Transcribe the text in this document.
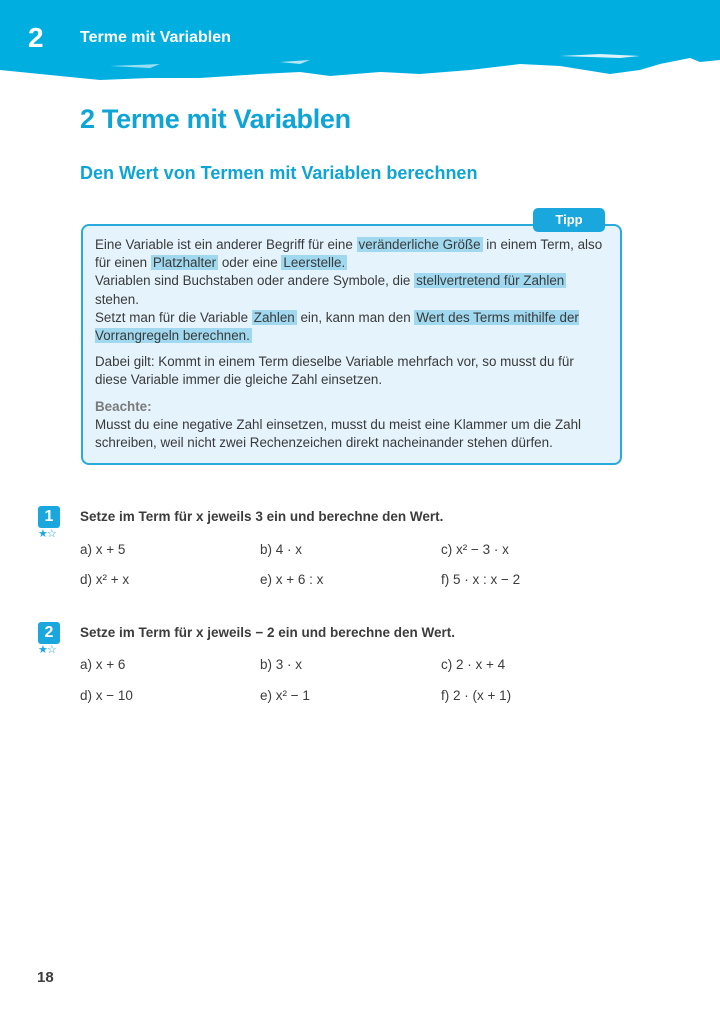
2 Terme mit Variablen
2 Terme mit Variablen
Den Wert von Termen mit Variablen berechnen

Eine Variable ist ein anderer Begriff für eine veränderliche Größe in einem Term, also für einen Platzhalter oder eine Leerstelle.
Variablen sind Buchstaben oder andere Symbole, die stellvertretend für Zahlen stehen.
Setzt man für die Variable Zahlen ein, kann man den Wert des Terms mithilfe der Vorrangregeln berechnen.

Dabei gilt: Kommt in einem Term dieselbe Variable mehrfach vor, so musst du für diese Variable immer die gleiche Zahl einsetzen.

Beachte:

Musst du eine negative Zahl einsetzen, musst du meist eine Klammer um die Zahl schreiben, weil nicht zwei Rechenzeichen direkt nacheinander stehen dürfen.

Tipp
1
★☆
Setze im Term für x jeweils 3 ein und berechne den Wert.
a) x + 5	b) 4 · x	c) x² − 3 · x
d) x² + x	e) x + 6 : x	f) 5 · x : x − 2
2
★☆
Setze im Term für x jeweils − 2 ein und berechne den Wert.
a) x + 6	b) 3 · x	c) 2 · x + 4
d) x − 10	e) x² − 1	f) 2 · (x + 1)
18
